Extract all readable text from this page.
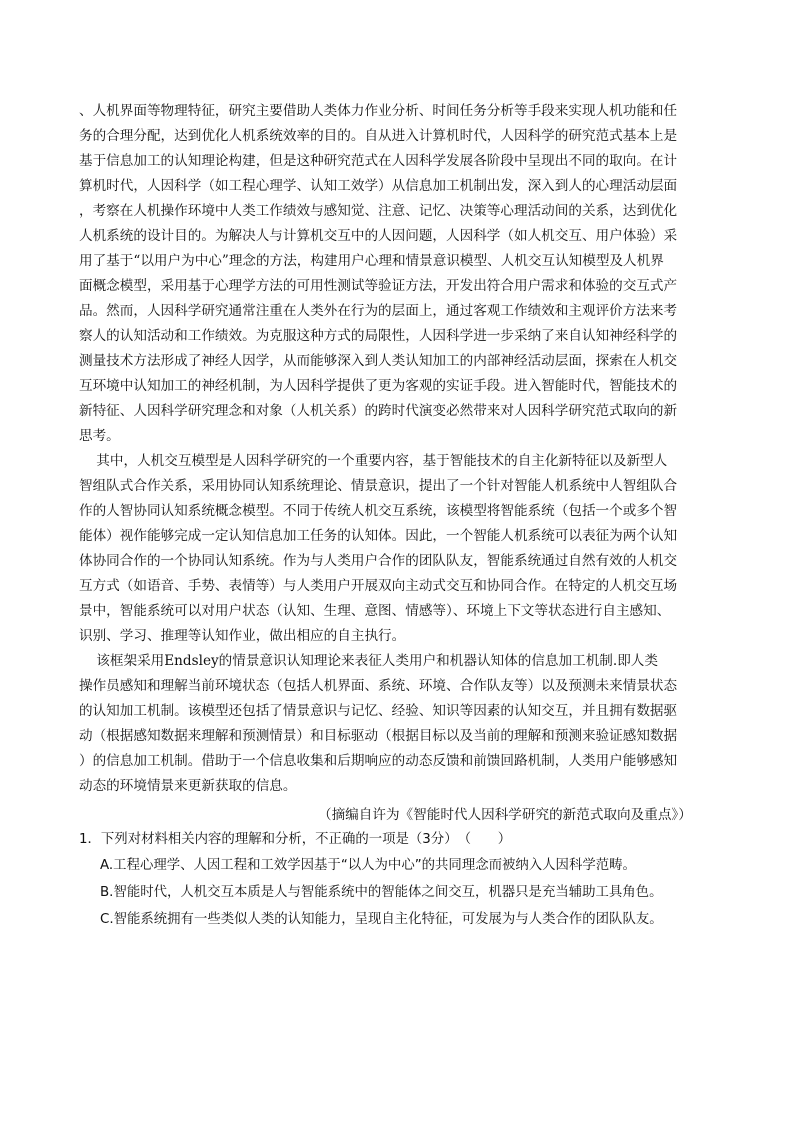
、人机界面等物理特征，研究主要借助人类体力作业分析、时间任务分析等手段来实现人机功能和任
务的合理分配，达到优化人机系统效率的目的。自从进入计算机时代，人因科学的研究范式基本上是
基于信息加工的认知理论构建，但是这种研究范式在人因科学发展各阶段中呈现出不同的取向。在计
算机时代，人因科学（如工程心理学、认知工效学）从信息加工机制出发，深入到人的心理活动层面
，考察在人机操作环境中人类工作绩效与感知觉、注意、记忆、决策等心理活动间的关系，达到优化
人机系统的设计目的。为解决人与计算机交互中的人因问题，人因科学（如人机交互、用户体验）采
用了基于“以用户为中心”理念的方法，构建用户心理和情景意识模型、人机交互认知模型及人机界
面概念模型，采用基于心理学方法的可用性测试等验证方法，开发出符合用户需求和体验的交互式产
品。然而，人因科学研究通常注重在人类外在行为的层面上，通过客观工作绩效和主观评价方法来考
察人的认知活动和工作绩效。为克服这种方式的局限性，人因科学进一步采纳了来自认知神经科学的
测量技术方法形成了神经人因学，从而能够深入到人类认知加工的内部神经活动层面，探索在人机交
互环境中认知加工的神经机制，为人因科学提供了更为客观的实证手段。进入智能时代，智能技术的
新特征、人因科学研究理念和对象（人机关系）的跨时代演变必然带来对人因科学研究范式取向的新
思考。
其中，人机交互模型是人因科学研究的一个重要内容，基于智能技术的自主化新特征以及新型人
智组队式合作关系，采用协同认知系统理论、情景意识，提出了一个针对智能人机系统中人智组队合
作的人智协同认知系统概念模型。不同于传统人机交互系统，该模型将智能系统（包括一个或多个智
能体）视作能够完成一定认知信息加工任务的认知体。因此，一个智能人机系统可以表征为两个认知
体协同合作的一个协同认知系统。作为与人类用户合作的团队队友，智能系统通过自然有效的人机交
互方式（如语音、手势、表情等）与人类用户开展双向主动式交互和协同合作。在特定的人机交互场
景中，智能系统可以对用户状态（认知、生理、意图、情感等）、环境上下文等状态进行自主感知、
识别、学习、推理等认知作业，做出相应的自主执行。
该框架采用Endsley的情景意识认知理论来表征人类用户和机器认知体的信息加工机制.即人类
操作员感知和理解当前环境状态（包括人机界面、系统、环境、合作队友等）以及预测未来情景状态
的认知加工机制。该模型还包括了情景意识与记忆、经验、知识等因素的认知交互，并且拥有数据驱
动（根据感知数据来理解和预测情景）和目标驱动（根据目标以及当前的理解和预测来验证感知数据
）的信息加工机制。借助于一个信息收集和后期响应的动态反馈和前馈回路机制，人类用户能够感知
动态的环境情景来更新获取的信息。
（摘编自许为《智能时代人因科学研究的新范式取向及重点》）
1．下列对材料相关内容的理解和分析，不正确的一项是（3分）　（　　）
A.工程心理学、人因工程和工效学因基于“以人为中心”的共同理念而被纳入人因科学范畴。
B.智能时代，人机交互本质是人与智能系统中的智能体之间交互，机器只是充当辅助工具角色。
C.智能系统拥有一些类似人类的认知能力，呈现自主化特征，可发展为与人类合作的团队队友。
